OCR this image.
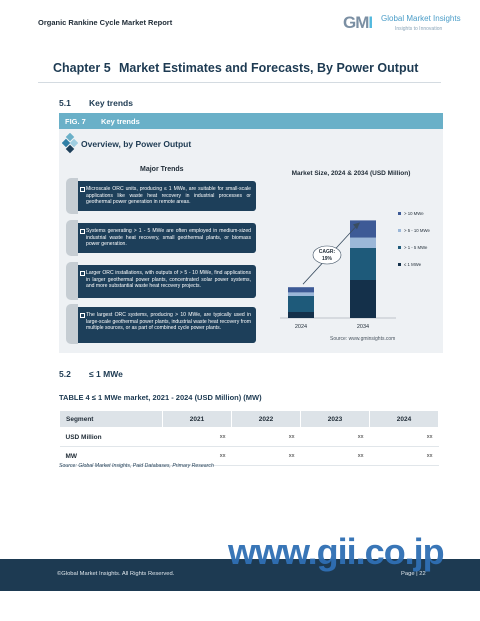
Organic Rankine Cycle Market Report	GMI Global Market Insights
Insights to Innovation
Chapter 5 Market Estimates and Forecasts, By Power Output
5.1 Key trends
FIG. 7 Key trends
Overview, by Power Output
Major Trends
Microscale ORC units, producing ≤ 1 MWe, are suitable for small-scale applications like waste heat recovery in industrial processes or geothermal power generation in remote areas.
Systems generating > 1 - 5 MWe are often employed in medium-sized industrial waste heat recovery, small geothermal plants, or biomass power generation.
Larger ORC installations, with outputs of > 5 - 10 MWe, find applications in larger geothermal power plants, concentrated solar power systems, and more substantial waste heat recovery projects.
The largest ORC systems, producing > 10 MWe, are typically used in large-scale geothermal power plants, industrial waste heat recovery from multiple sources, or as part of combined cycle power plants.
Market Size, 2024 & 2034 (USD Million)
2024	2034
CAGR:
19%
> 10 MWe
> 5 - 10 MWe
> 1 - 5 MWe
≤ 1 MWe
Source: www.gminsights.com
5.2 ≤ 1 MWe
TABLE 4 ≤ 1 MWe market, 2021 - 2024 (USD Million) (MW)
Segment	2021	2022	2023	2024
USD Million	xx	xx	xx	xx
MW	xx	xx	xx	xx
Source: Global Market Insights, Paid Databases, Primary Research
©Global Market Insights. All Rights Reserved.	Page | 22
www.gii.co.jp
